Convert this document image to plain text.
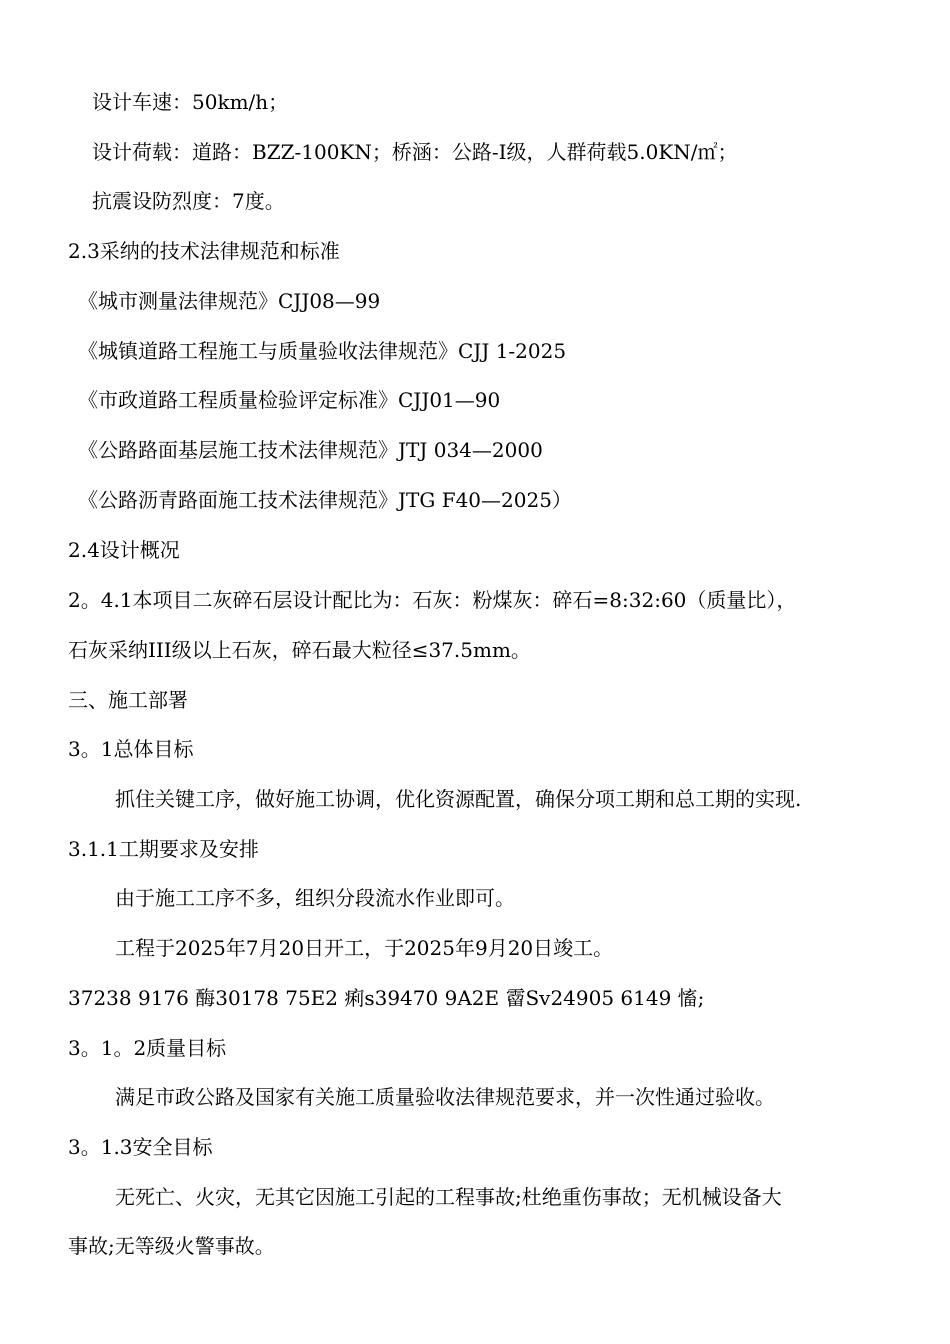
设计车速：50km/h；
设计荷载：道路：BZZ-100KN；桥涵：公路-Ⅰ级，人群荷载5.0KN/㎡；
抗震设防烈度：7度。
2.3采纳的技术法律规范和标准
《城市测量法律规范》CJJ08—99
《城镇道路工程施工与质量验收法律规范》CJJ 1-2025
《市政道路工程质量检验评定标准》CJJ01—90
《公路路面基层施工技术法律规范》JTJ 034—2000
《公路沥青路面施工技术法律规范》JTG F40—2025）
2.4设计概况
2。4.1本项目二灰碎石层设计配比为：石灰：粉煤灰：碎石=8:32:60（质量比），
石灰采纳III级以上石灰，碎石最大粒径≤37.5mm。
三、施工部署
3。1总体目标
抓住关键工序，做好施工协调，优化资源配置，确保分项工期和总工期的实现.
3.1.1工期要求及安排
由于施工工序不多，组织分段流水作业即可。
工程于2025年7月20日开工，于2025年9月20日竣工。
37238 9176 酶30178 75E2 痢s39470 9A2E 霤Sv24905 6149 慉;
3。1。2质量目标
满足市政公路及国家有关施工质量验收法律规范要求，并一次性通过验收。
3。1.3安全目标
无死亡、火灾，无其它因施工引起的工程事故;杜绝重伤事故；无机械设备大
事故;无等级火警事故。
